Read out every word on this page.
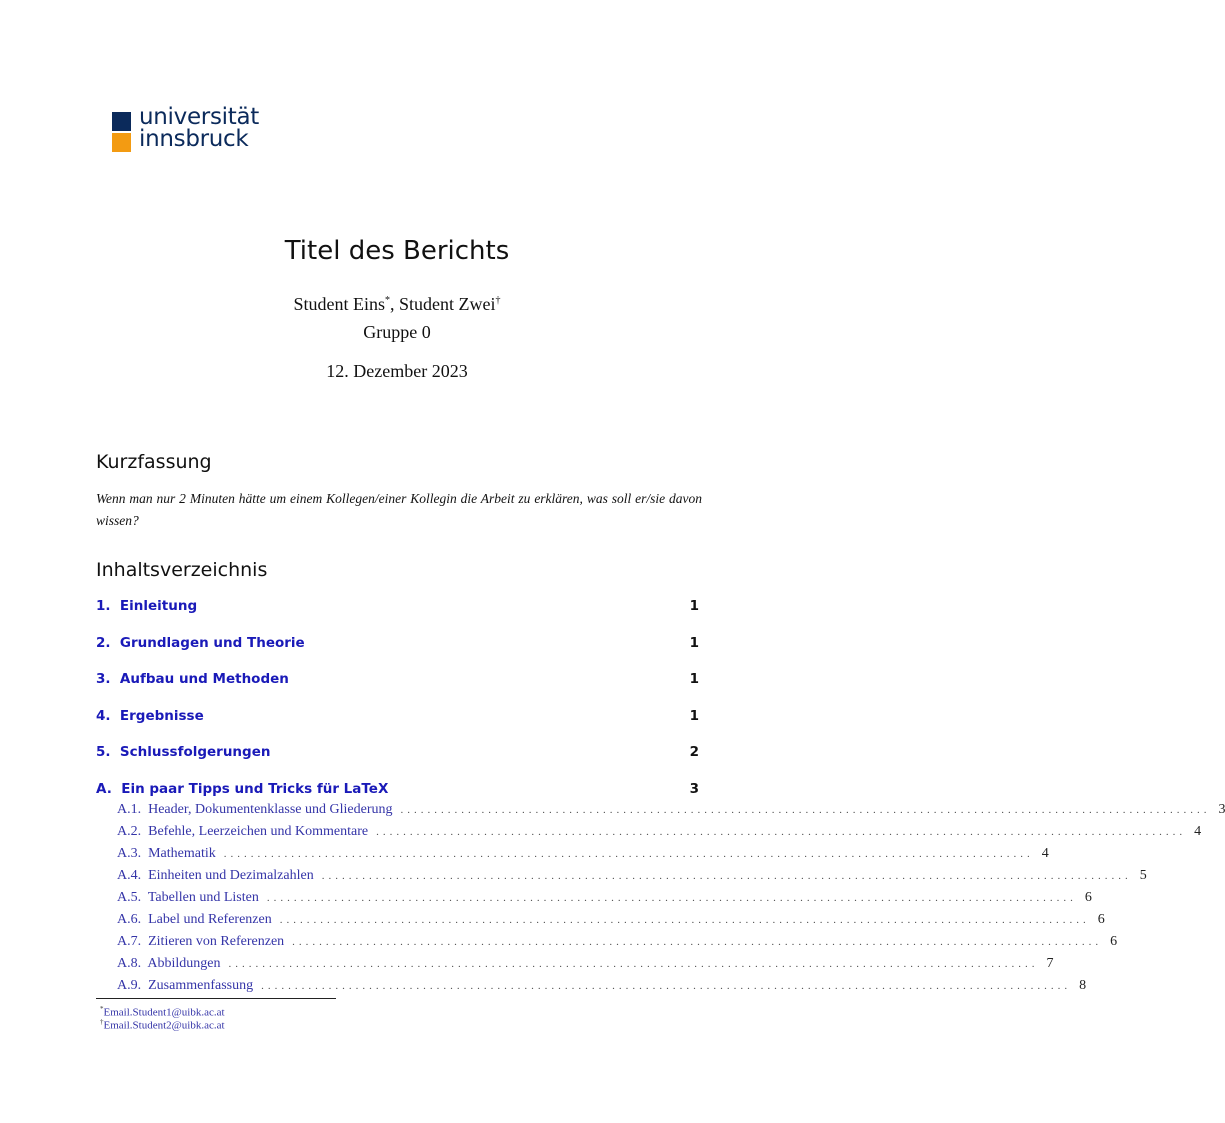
universität
innsbruck
Titel des Berichts
Student Eins*, Student Zwei†
Gruppe 0
12. Dezember 2023
Kurzfassung
Wenn man nur 2 Minuten hätte um einem Kollegen/einer Kollegin die Arbeit zu erklären, was soll er/sie davon wissen?
Inhaltsverzeichnis
1.  Einleitung	1
2.  Grundlagen und Theorie	1
3.  Aufbau und Methoden	1
4.  Ergebnisse	1
5.  Schlussfolgerungen	2
A.  Ein paar Tipps und Tricks für LaTeX	3
A.1.  Header, Dokumentenklasse und Gliederung ........................................................................................................................ 3
A.2.  Befehle, Leerzeichen und Kommentare ........................................................................................................................ 4
A.3.  Mathematik ........................................................................................................................ 4
A.4.  Einheiten und Dezimalzahlen ........................................................................................................................ 5
A.5.  Tabellen und Listen ........................................................................................................................ 6
A.6.  Label und Referenzen ........................................................................................................................ 6
A.7.  Zitieren von Referenzen ........................................................................................................................ 6
A.8.  Abbildungen ........................................................................................................................ 7
A.9.  Zusammenfassung ........................................................................................................................ 8
*Email.Student1@uibk.ac.at
†Email.Student2@uibk.ac.at
